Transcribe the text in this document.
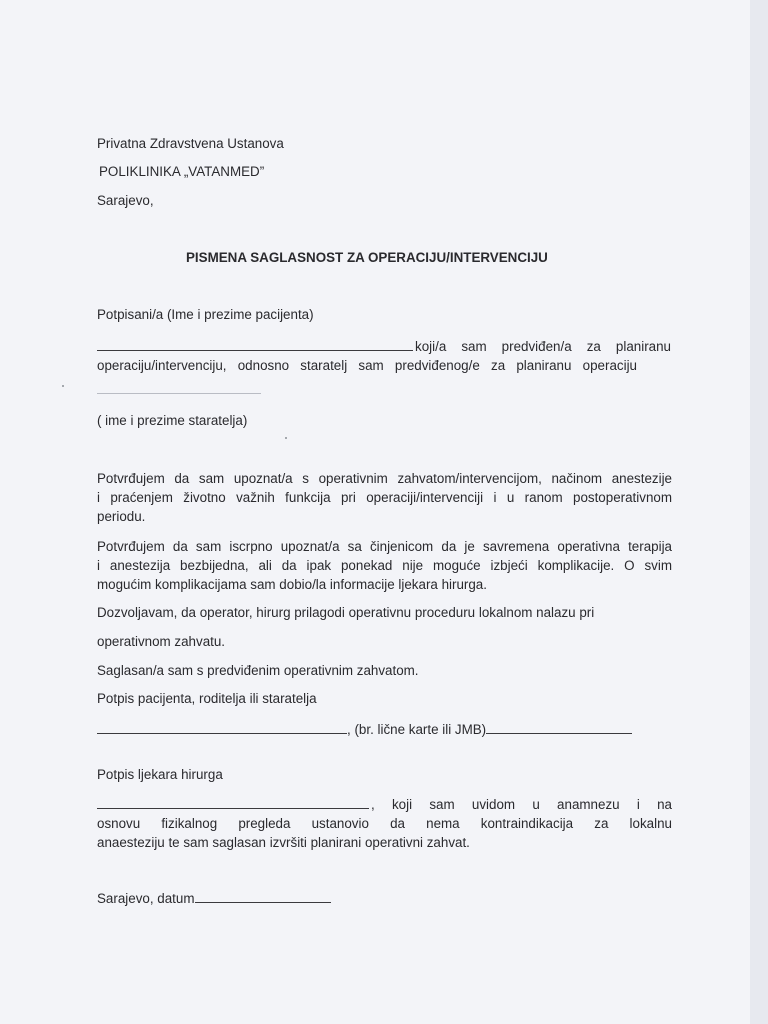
Privatna Zdravstvena Ustanova
POLIKLINIKA „VATANMED”
Sarajevo,
PISMENA SAGLASNOST ZA OPERACIJU/INTERVENCIJU
Potpisani/a (Ime i prezime pacijenta)
koji/a sam predviđen/a za planiranu
operaciju/intervenciju, odnosno staratelj sam predviđenog/e za planiranu operaciju
( ime i prezime staratelja)
Potvrđujem da sam upoznat/a s operativnim zahvatom/intervencijom, načinom anestezije
i praćenjem životno važnih funkcija pri operaciji/intervenciji i u ranom postoperativnom
periodu.
Potvrđujem da sam iscrpno upoznat/a sa činjenicom da je savremena operativna terapija
i anestezija bezbijedna, ali da ipak ponekad nije moguće izbjeći komplikacije. O svim
mogućim komplikacijama sam dobio/la informacije ljekara hirurga.
Dozvoljavam, da operator, hirurg prilagodi operativnu proceduru lokalnom nalazu pri
operativnom zahvatu.
Saglasan/a sam s predviđenim operativnim zahvatom.
Potpis pacijenta, roditelja ili staratelja
, (br. lične karte ili JMB)
Potpis ljekara hirurga
, koji sam uvidom u anamnezu i na
osnovu fizikalnog pregleda ustanovio da nema kontraindikacija za lokalnu
anaesteziju te sam saglasan izvršiti planirani operativni zahvat.
Sarajevo, datum
